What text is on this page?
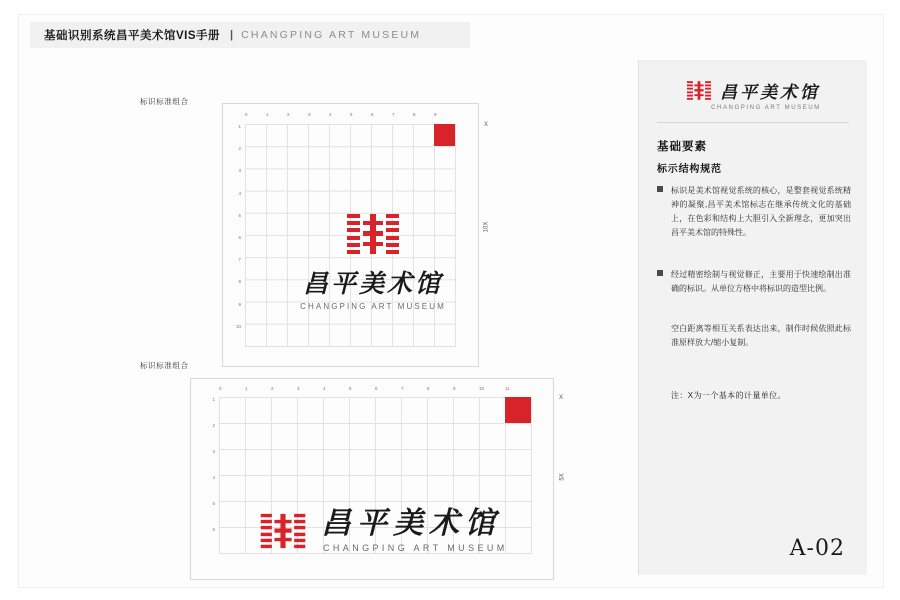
基础识别系统 昌平美术馆VIS手册 | CHANGPING ART MUSEUM
标识标准组合
标识标准组合
0	1	2	3	4	5	6	7	8	9
1
2
3
4
5
6
7
8
9
10
X
10X
昌平美术馆
CHANGPING ART MUSEUM
0	1	2	3	4	5	6	7	8	9	10	11
1
2
3
4
5
6
X
5X
昌平美术馆
CHANGPING ART MUSEUM
昌平美术馆
CHANGPING ART MUSEUM
基础要素
标示结构规范
标识是美术馆视觉系统的核心，是整套视觉系统精神的凝聚,昌平美术馆标志在继承传统文化的基础上，在色彩和结构上大胆引入全新理念，更加突出昌平美术馆的特殊性。
经过精密绘制与视觉修正，主要用于快速绘制出准确的标识。从单位方格中将标识的造型比例。
空白距离等相互关系表达出来，制作时候依照此标准原样放大/缩小复制。
注：X为一个基本的计量单位。
A-02
